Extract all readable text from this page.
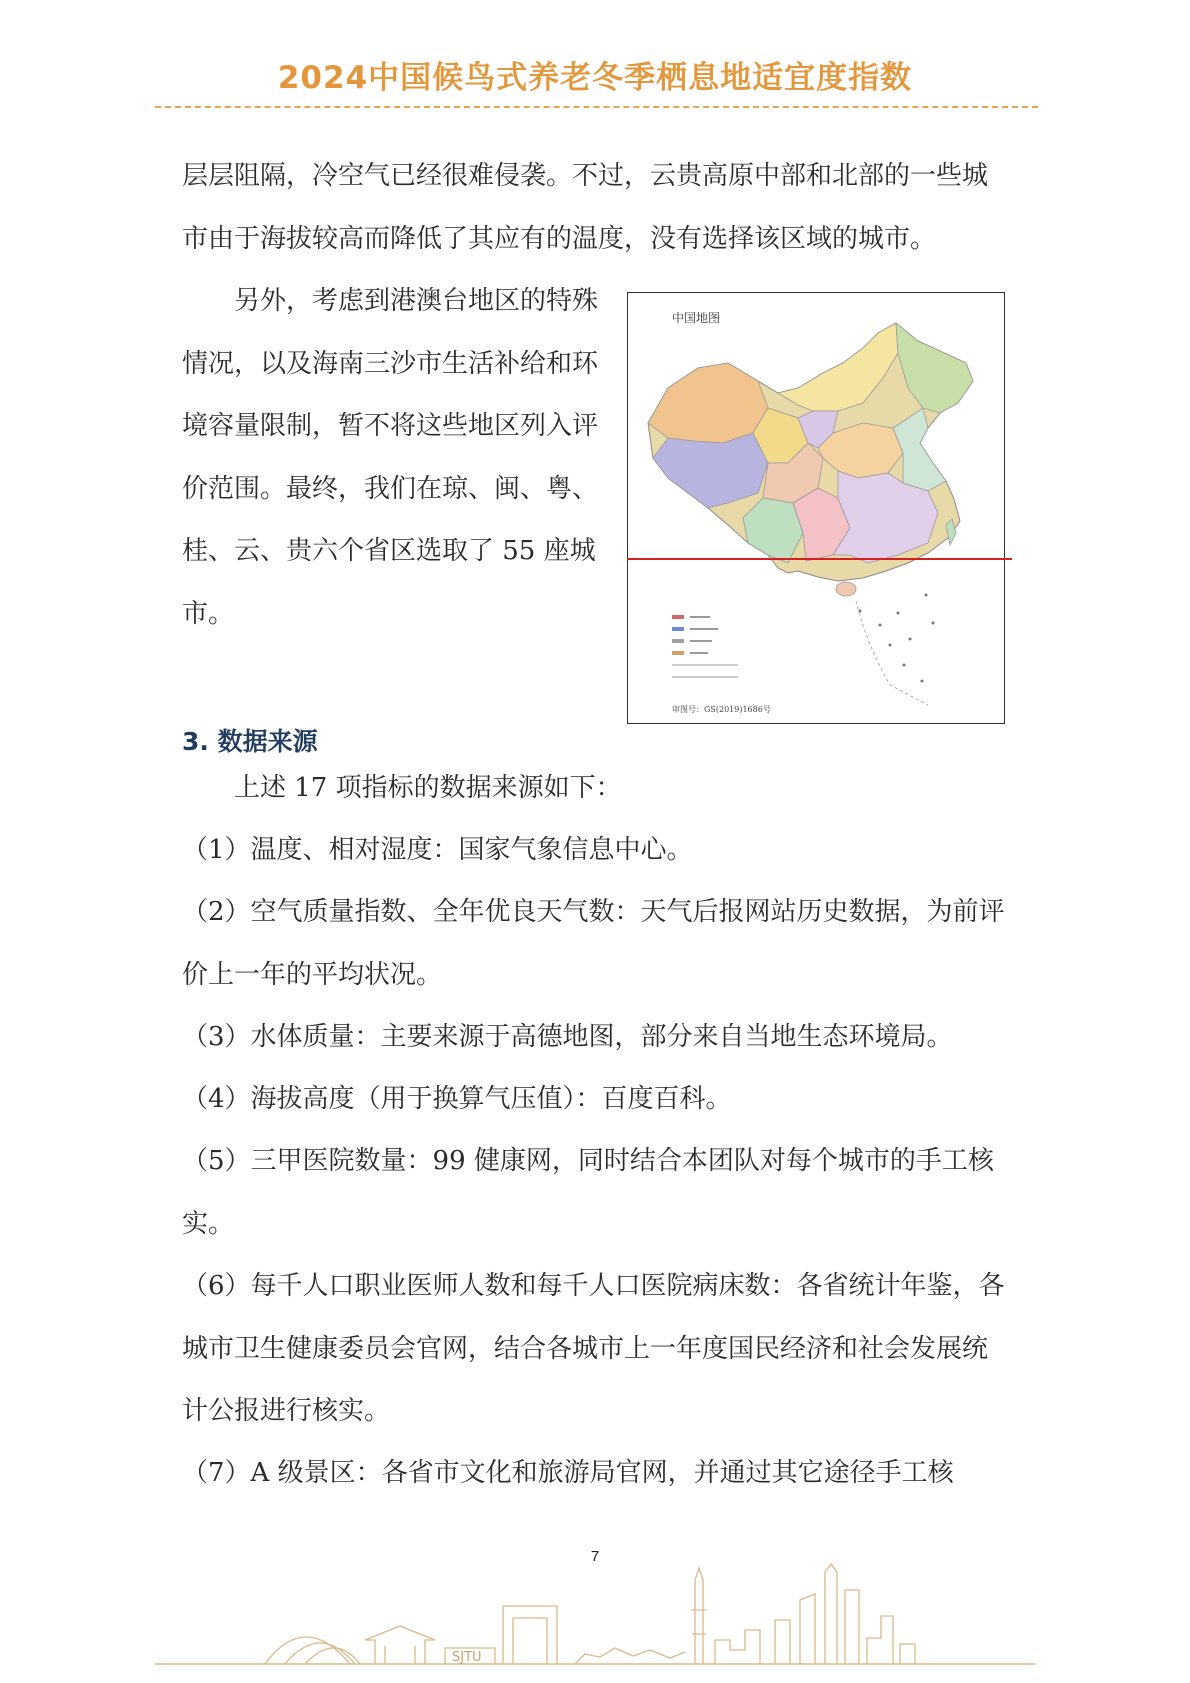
2024中国候鸟式养老冬季栖息地适宜度指数

层层阻隔，冷空气已经很难侵袭。不过，云贵高原中部和北部的一些城市由于海拔较高而降低了其应有的温度，没有选择该区域的城市。

另外，考虑到港澳台地区的特殊情况，以及海南三沙市生活补给和环境容量限制，暂不将这些地区列入评价范围。最终，我们在琼、闽、粤、桂、云、贵六个省区选取了 55 座城市。

中国地图
审图号：GS(2019)1686号
3. 数据来源

上述 17 项指标的数据来源如下：

（1）温度、相对湿度：国家气象信息中心。

（2）空气质量指数、全年优良天气数：天气后报网站历史数据，为前评价上一年的平均状况。

（3）水体质量：主要来源于高德地图，部分来自当地生态环境局。

（4）海拔高度（用于换算气压值）：百度百科。

（5）三甲医院数量：99 健康网，同时结合本团队对每个城市的手工核实。

（6）每千人口职业医师人数和每千人口医院病床数：各省统计年鉴，各城市卫生健康委员会官网，结合各城市上一年度国民经济和社会发展统计公报进行核实。

（7）A 级景区：各省市文化和旅游局官网，并通过其它途径手工核

7
SJTU
